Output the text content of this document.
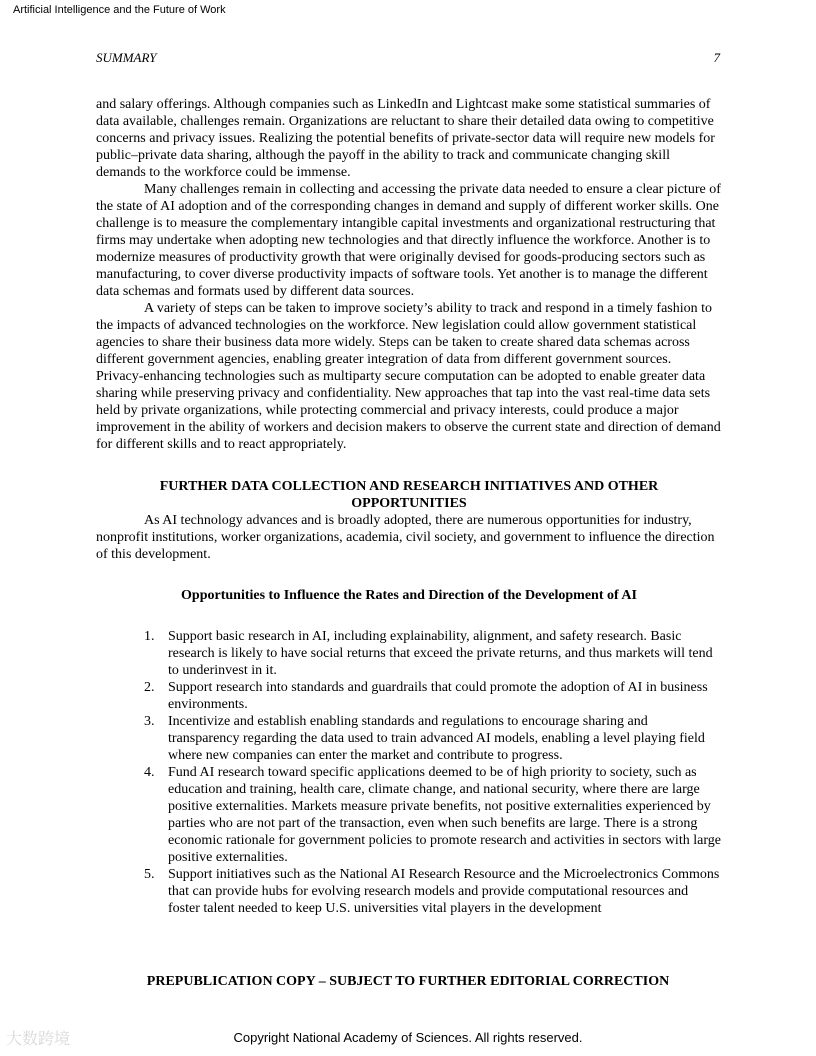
Artificial Intelligence and the Future of Work
SUMMARY	7

and salary offerings. Although companies such as LinkedIn and Lightcast make some statistical summaries of data available, challenges remain. Organizations are reluctant to share their detailed data owing to competitive concerns and privacy issues. Realizing the potential benefits of private-sector data will require new models for public–private data sharing, although the payoff in the ability to track and communicate changing skill demands to the workforce could be immense.

Many challenges remain in collecting and accessing the private data needed to ensure a clear picture of the state of AI adoption and of the corresponding changes in demand and supply of different worker skills. One challenge is to measure the complementary intangible capital investments and organizational restructuring that firms may undertake when adopting new technologies and that directly influence the workforce. Another is to modernize measures of productivity growth that were originally devised for goods-producing sectors such as manufacturing, to cover diverse productivity impacts of software tools. Yet another is to manage the different data schemas and formats used by different data sources.

A variety of steps can be taken to improve society’s ability to track and respond in a timely fashion to the impacts of advanced technologies on the workforce. New legislation could allow government statistical agencies to share their business data more widely. Steps can be taken to create shared data schemas across different government agencies, enabling greater integration of data from different government sources. Privacy-enhancing technologies such as multiparty secure computation can be adopted to enable greater data sharing while preserving privacy and confidentiality. New approaches that tap into the vast real-time data sets held by private organizations, while protecting commercial and privacy interests, could produce a major improvement in the ability of workers and decision makers to observe the current state and direction of demand for different skills and to react appropriately.

FURTHER DATA COLLECTION AND RESEARCH INITIATIVES AND OTHER OPPORTUNITIES

As AI technology advances and is broadly adopted, there are numerous opportunities for industry, nonprofit institutions, worker organizations, academia, civil society, and government to influence the direction of this development.

Opportunities to Influence the Rates and Direction of the Development of AI
1. Support basic research in AI, including explainability, alignment, and safety research. Basic research is likely to have social returns that exceed the private returns, and thus markets will tend to underinvest in it.
2. Support research into standards and guardrails that could promote the adoption of AI in business environments.
3. Incentivize and establish enabling standards and regulations to encourage sharing and transparency regarding the data used to train advanced AI models, enabling a level playing field where new companies can enter the market and contribute to progress.
4. Fund AI research toward specific applications deemed to be of high priority to society, such as education and training, health care, climate change, and national security, where there are large positive externalities. Markets measure private benefits, not positive externalities experienced by parties who are not part of the transaction, even when such benefits are large. There is a strong economic rationale for government policies to promote research and activities in sectors with large positive externalities.
5. Support initiatives such as the National AI Research Resource and the Microelectronics Commons that can provide hubs for evolving research models and provide computational resources and foster talent needed to keep U.S. universities vital players in the development
PREPUBLICATION COPY – SUBJECT TO FURTHER EDITORIAL CORRECTION
大数跨境	Copyright National Academy of Sciences. All rights reserved.
